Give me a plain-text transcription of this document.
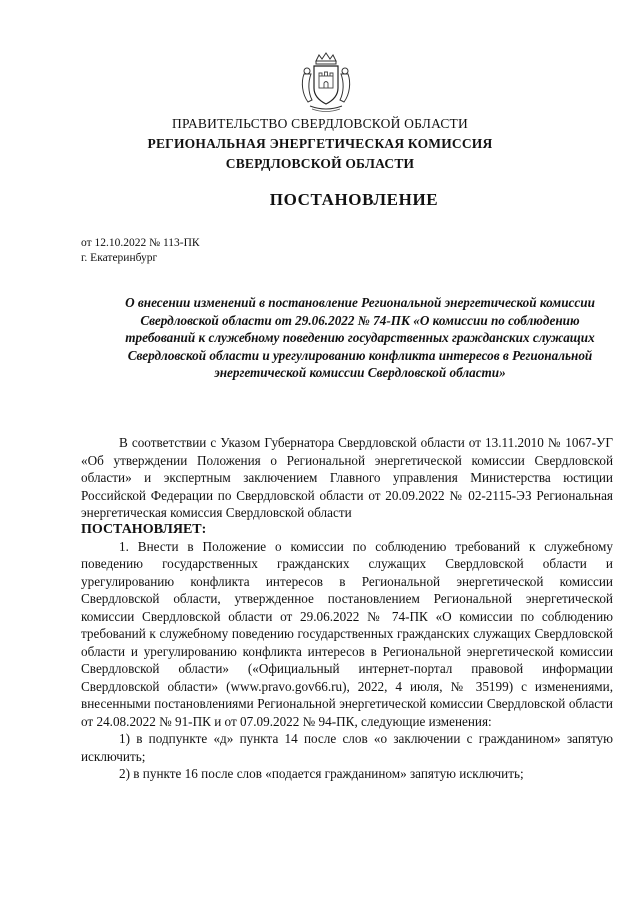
ПРАВИТЕЛЬСТВО СВЕРДЛОВСКОЙ ОБЛАСТИ
РЕГИОНАЛЬНАЯ ЭНЕРГЕТИЧЕСКАЯ КОМИССИЯ
СВЕРДЛОВСКОЙ ОБЛАСТИ
ПОСТАНОВЛЕНИЕ
от 12.10.2022 № 113-ПК
г. Екатеринбург
О внесении изменений в постановление Региональной энергетической комиссии Свердловской области от 29.06.2022 № 74-ПК «О комиссии по соблюдению требований к служебному поведению государственных гражданских служащих Свердловской области и урегулированию конфликта интересов в Региональной энергетической комиссии Свердловской области»

В соответствии с Указом Губернатора Свердловской области от 13.11.2010 № 1067-УГ «Об утверждении Положения о Региональной энергетической комиссии Свердловской области» и экспертным заключением Главного управления Министерства юстиции Российской Федерации по Свердловской области от 20.09.2022 № 02-2115-ЭЗ Региональная энергетическая комиссия Свердловской области

ПОСТАНОВЛЯЕТ:

1. Внести в Положение о комиссии по соблюдению требований к служебному поведению государственных гражданских служащих Свердловской области и урегулированию конфликта интересов в Региональной энергетической комиссии Свердловской области, утвержденное постановлением Региональной энергетической комиссии Свердловской области от 29.06.2022 № 74-ПК «О комиссии по соблюдению требований к служебному поведению государственных гражданских служащих Свердловской области и урегулированию конфликта интересов в Региональной энергетической комиссии Свердловской области» («Официальный интернет-портал правовой информации Свердловской области» (www.pravo.gov66.ru), 2022, 4 июля, № 35199) с изменениями, внесенными постановлениями Региональной энергетической комиссии Свердловской области от 24.08.2022 № 91-ПК и от 07.09.2022 № 94-ПК, следующие изменения:

1) в подпункте «д» пункта 14 после слов «о заключении с гражданином» запятую исключить;

2) в пункте 16 после слов «подается гражданином» запятую исключить;
